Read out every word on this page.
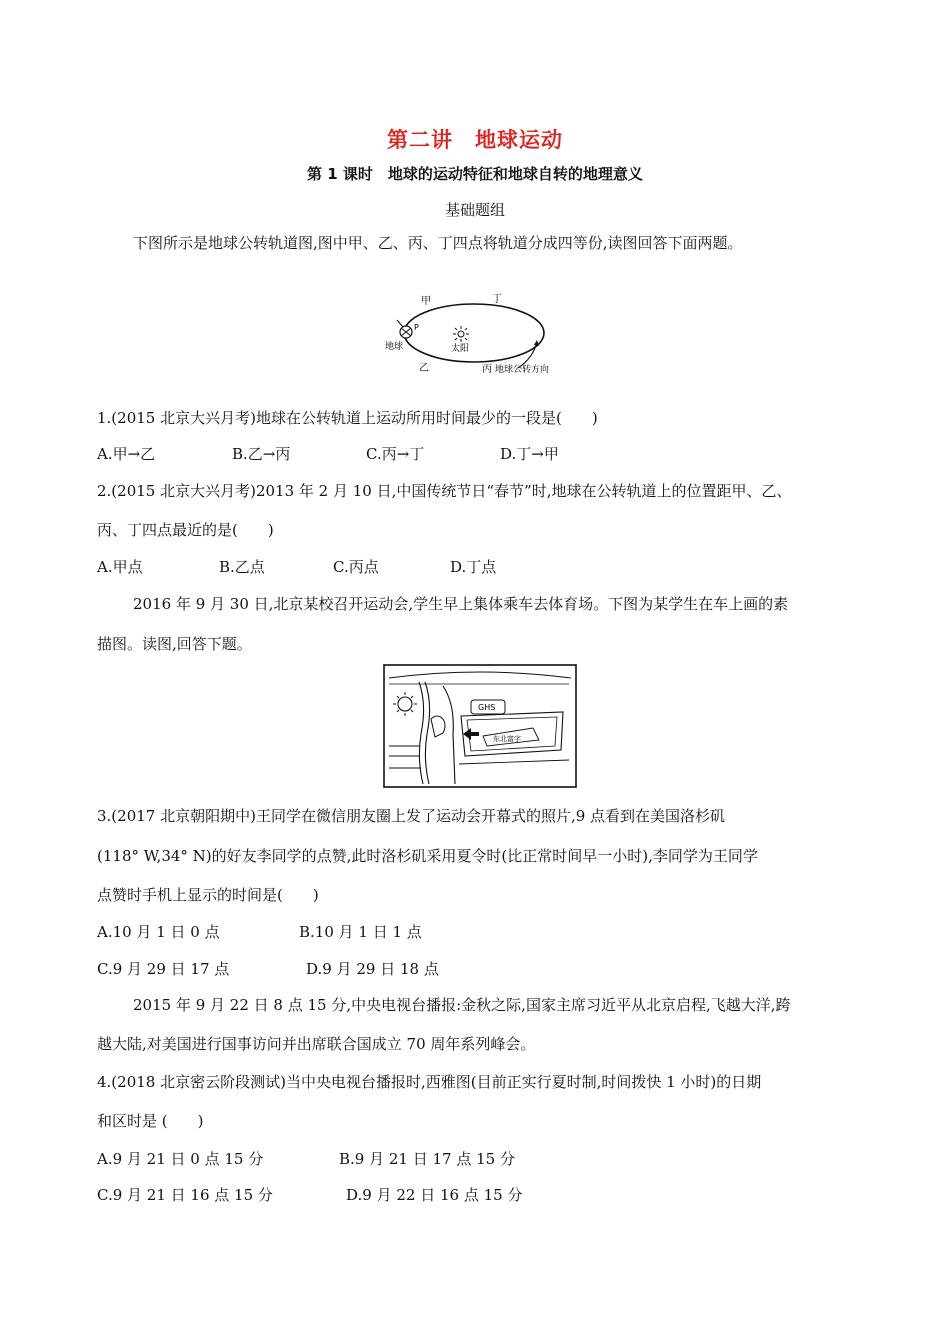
第二讲　地球运动
第 1 课时　地球的运动特征和地球自转的地理意义
基础题组
下图所示是地球公转轨道图,图中甲、乙、丙、丁四点将轨道分成四等份,读图回答下面两题。
甲	丁
乙	丙
P
地球	太阳
地球公转方向
1.(2015 北京大兴月考)地球在公转轨道上运动所用时间最少的一段是(　　)
A.甲→乙	B.乙→丙	C.丙→丁	D.丁→甲
2.(2015 北京大兴月考)2013 年 2 月 10 日,中国传统节日“春节”时,地球在公转轨道上的位置距甲、乙、
丙、丁四点最近的是(　　)
A.甲点	B.乙点	C.丙点	D.丁点
2016 年 9 月 30 日,北京某校召开运动会,学生早上集体乘车去体育场。下图为某学生在车上画的素
描图。读图,回答下题。
GHS
东北富字
3.(2017 北京朝阳期中)王同学在微信朋友圈上发了运动会开幕式的照片,9 点看到在美国洛杉矶
(118° W,34° N)的好友李同学的点赞,此时洛杉矶采用夏令时(比正常时间早一小时),李同学为王同学
点赞时手机上显示的时间是(　　)
A.10 月 1 日 0 点	B.10 月 1 日 1 点
C.9 月 29 日 17 点	D.9 月 29 日 18 点
2015 年 9 月 22 日 8 点 15 分,中央电视台播报:金秋之际,国家主席习近平从北京启程,飞越大洋,跨
越大陆,对美国进行国事访问并出席联合国成立 70 周年系列峰会。
4.(2018 北京密云阶段测试)当中央电视台播报时,西雅图(目前正实行夏时制,时间拨快 1 小时)的日期
和区时是 (　　)
A.9 月 21 日 0 点 15 分	B.9 月 21 日 17 点 15 分
C.9 月 21 日 16 点 15 分	D.9 月 22 日 16 点 15 分
